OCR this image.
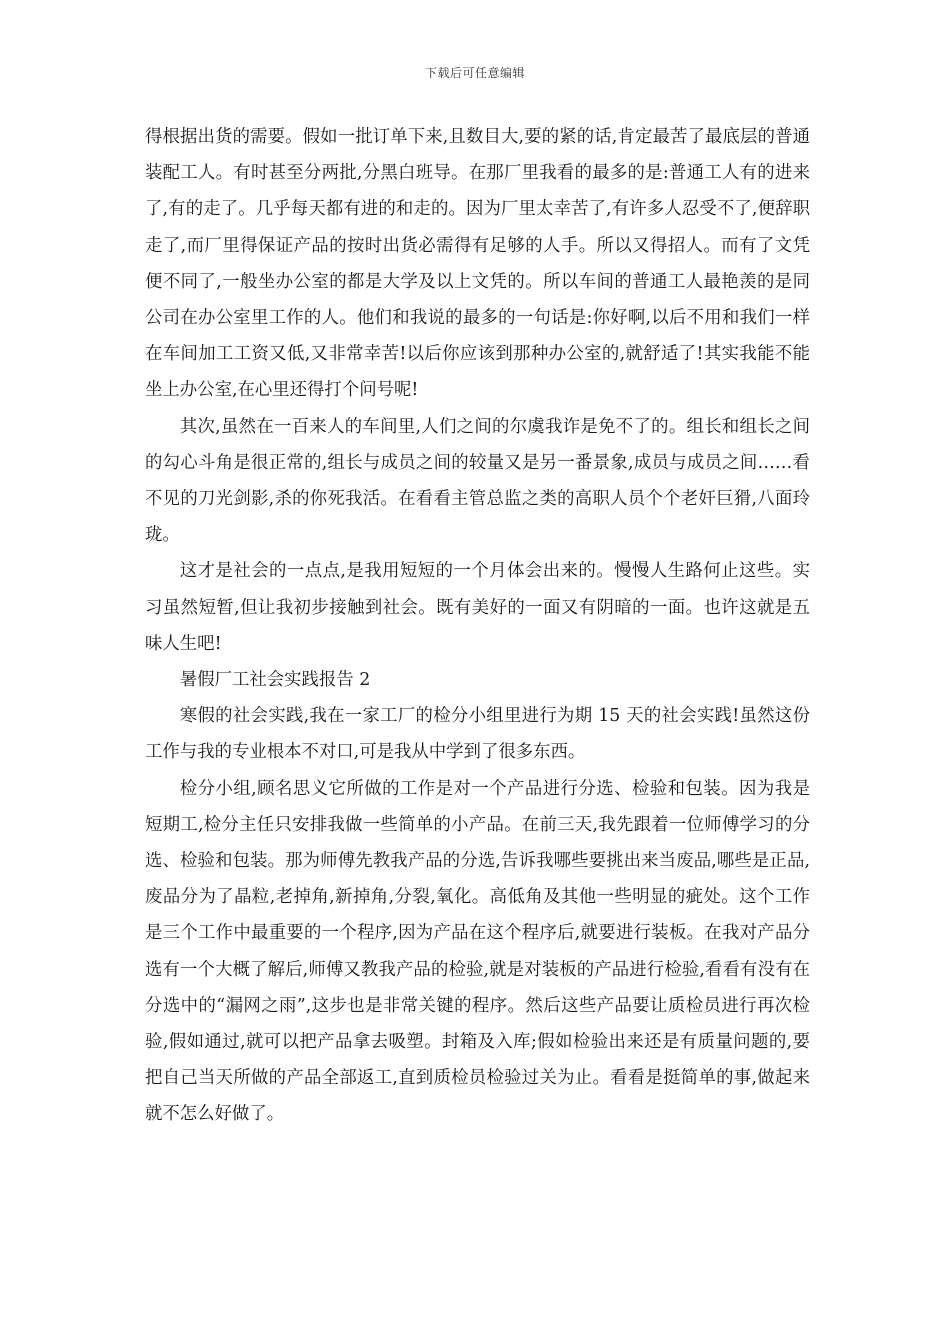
下载后可任意编辑

得根据出货的需要。假如一批订单下来,且数目大,要的紧的话,肯定最苦了最底层的普通装配工人。有时甚至分两批,分黑白班导。在那厂里我看的最多的是:普通工人有的进来了,有的走了。几乎每天都有进的和走的。因为厂里太幸苦了,有许多人忍受不了,便辞职走了,而厂里得保证产品的按时出货必需得有足够的人手。所以又得招人。而有了文凭便不同了,一般坐办公室的都是大学及以上文凭的。所以车间的普通工人最艳羡的是同公司在办公室里工作的人。他们和我说的最多的一句话是:你好啊,以后不用和我们一样在车间加工工资又低,又非常幸苦!以后你应该到那种办公室的,就舒适了!其实我能不能坐上办公室,在心里还得打个问号呢!

其次,虽然在一百来人的车间里,人们之间的尔虞我诈是免不了的。组长和组长之间的勾心斗角是很正常的,组长与成员之间的较量又是另一番景象,成员与成员之间……看不见的刀光剑影,杀的你死我活。在看看主管总监之类的高职人员个个老奸巨猾,八面玲珑。

这才是社会的一点点,是我用短短的一个月体会出来的。慢慢人生路何止这些。实习虽然短暂,但让我初步接触到社会。既有美好的一面又有阴暗的一面。也许这就是五味人生吧!

暑假厂工社会实践报告 2

寒假的社会实践,我在一家工厂的检分小组里进行为期 15 天的社会实践!虽然这份工作与我的专业根本不对口,可是我从中学到了很多东西。

检分小组,顾名思义它所做的工作是对一个产品进行分选、检验和包装。因为我是短期工,检分主任只安排我做一些简单的小产品。在前三天,我先跟着一位师傅学习的分选、检验和包装。那为师傅先教我产品的分选,告诉我哪些要挑出来当废品,哪些是正品,废品分为了晶粒,老掉角,新掉角,分裂,氧化。高低角及其他一些明显的疵处。这个工作是三个工作中最重要的一个程序,因为产品在这个程序后,就要进行装板。在我对产品分选有一个大概了解后,师傅又教我产品的检验,就是对装板的产品进行检验,看看有没有在分选中的“漏网之雨”,这步也是非常关键的程序。然后这些产品要让质检员进行再次检验,假如通过,就可以把产品拿去吸塑。封箱及入库;假如检验出来还是有质量问题的,要把自己当天所做的产品全部返工,直到质检员检验过关为止。看看是挺简单的事,做起来就不怎么好做了。
